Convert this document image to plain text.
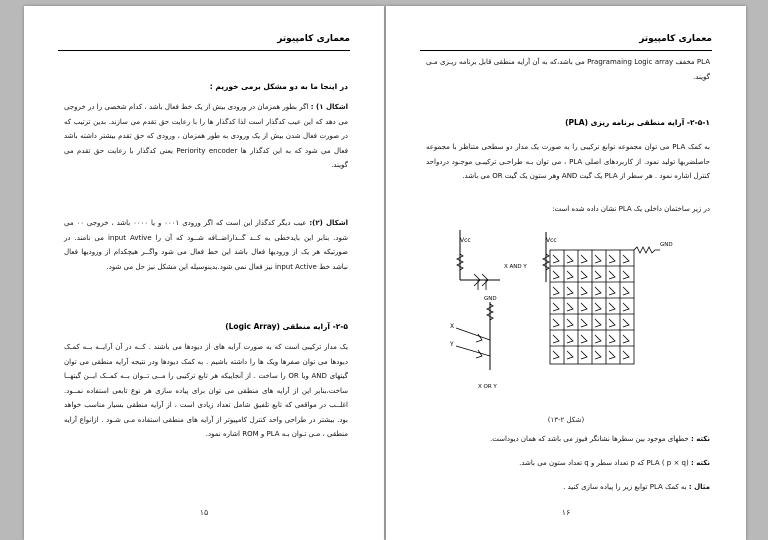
معماری کامپیوتر

در اینجا ما به دو مشکل برمی خوریم :

اشکال ۱) : اگر بطور همزمان در ورودی بیش از یک خط فعال باشد ، کدام شخصی را در خروجی می دهد که این عیب کدگذار است لذا کدگذار ها را با رعایت حق تقدم می سازند. بدین ترتیب که در صورت فعال شدن بیش از یک ورودی به طور همزمان ، ورودی که حق تقدم بیشتر داشته باشد فعال می شود که به این کدگذار ها Periority encoder یعنی کدگذار با رعایت حق تقدم می گویند.

اشکال (۲): عیب دیگر کدگذار این است که اگر ورودی ۰۰۰۱ و یا ۰۰۰۰ باشد ، خروجی ۰۰ می شود. بنابر این بایدخطی به کــد گــذاراضــافه شــود که آن را input Avtive می نامند. در صورتیکه هر یک از ورودیها فعال باشد این خط فعال می شود واگــر هیچکدام از ورودیها فعال نباشد خط input Active نیز فعال نمی شود.بدینوسیله این مشکل نیز حل می شود.

۲-۵- آرایه منطقی (Logic Array)

یک مدار ترکیبی است که به صورت آرایه های از دیودها می باشند . کــه در آن آرایــه بــه کمـک دیودها می توان صفرها ویک ها را داشته باشیم . به کمک دیودها ودر نتیجه آرایه منطقی می توان گیتهای AND ویا OR را ساخت . از آنجاییکه هر تابع ترکیبی را مــی تــوان بــه کمــک ایــن گیتهــا ساخت،بنابر این از آرایه های منطقی می توان برای پیاده سازی هر نوع تابعی استفاده نمــود. اغلــب در مواقعی که تابع تلفیق شامل تعداد زیادی است ، از آرایه منطقی بسیار مناسب خواهد بود. بیشتر در طراحی واحد کنترل کامپیوتر از آرایه های منطقی استفاده مـی شـود . ازانواع آرایه منطقی ، مـی تـوان بـه PLA و ROM اشاره نمود.

۱۵
معماری کامپیوتر

PLA مخفف Pragramaing Logic array می باشد،که به آن آرایه منطقی قابل برنامه ریـزی مـی گویند.

۲-۵-۱- آرایه منطقی برنامه ریزی (PLA)

به کمک PLA می توان مجموعه توابع ترکیبی را به صورت یک مدار دو سطحی متناظر با مجموعه حاصلضربها تولید نمود. از کاربردهای اصلی PLA ، می توان بـه طراحـی ترکیبـی موجـود دردواحد کنترل اشاره نمود . هر سطر از PLA یک گیت AND وهر ستون یک گیت OR می باشد.

در زیر ساختمان داخلی یک PLA نشان داده شده است:

Vcc
X AND Y
GND
X
Y
X OR Y
Vcc
GND
(شکل ۲-۱۳)

نکته : خطهای موجود بین سطرها نشانگر فیوز می باشد که همان دیوداست.

نکته : PLA ( p × q) که p تعداد سطر و q تعداد ستون می باشد.

مثال : به کمک PLA توابع زیر را پیاده سازی کنید .

۱۶
